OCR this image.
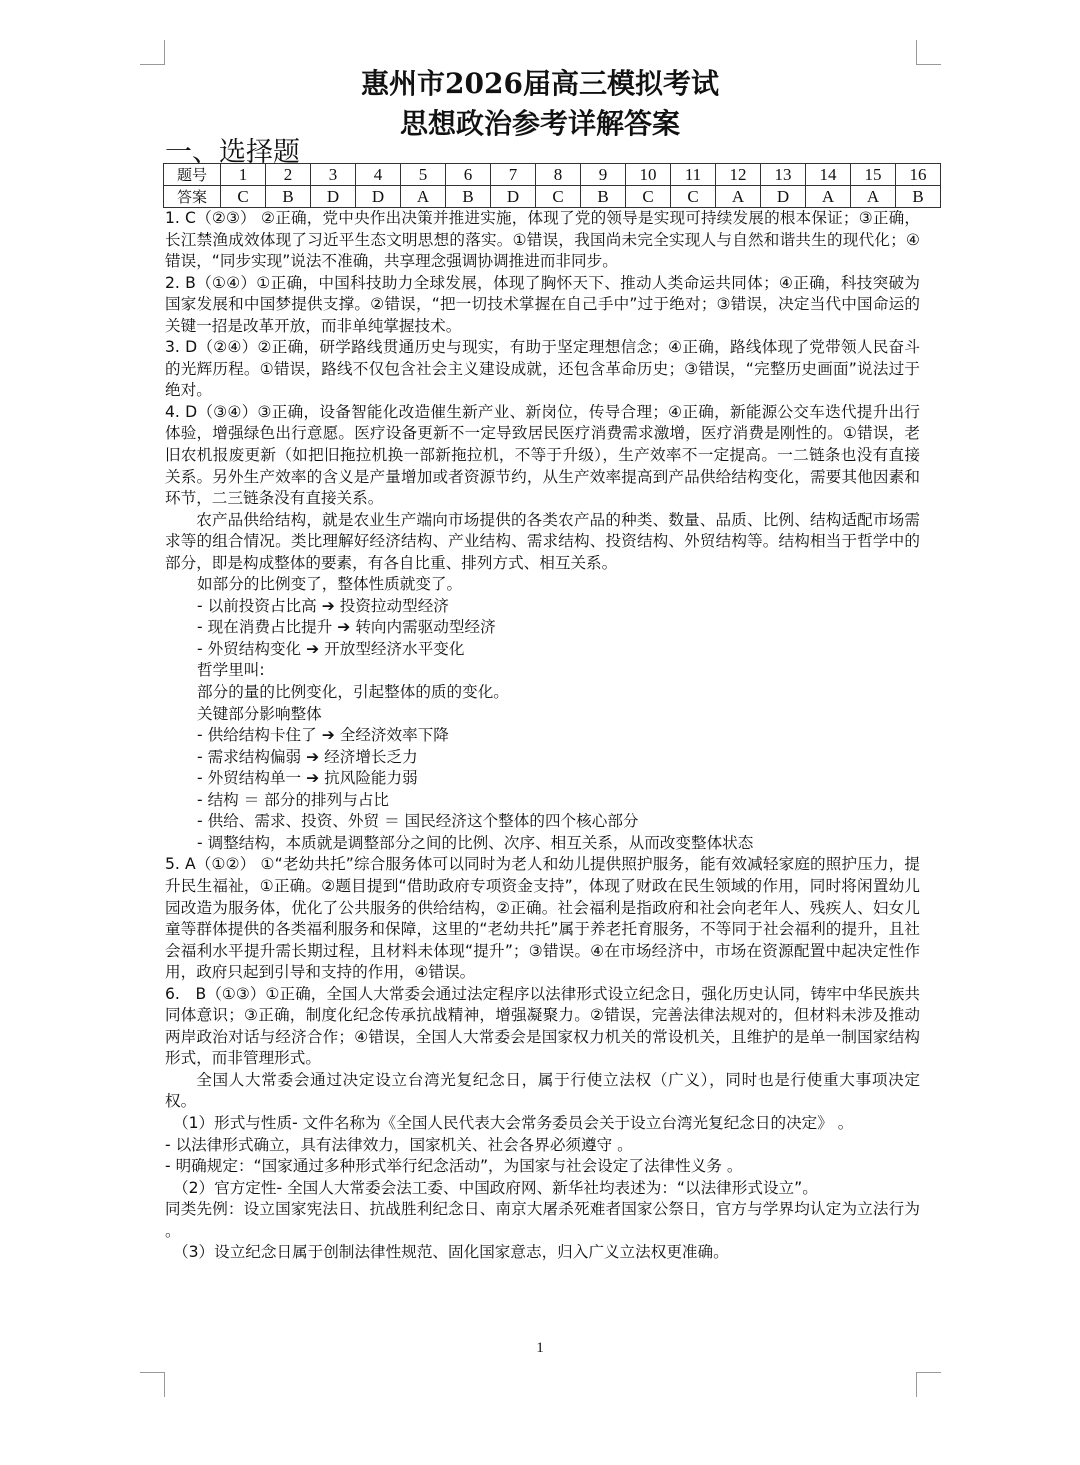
惠州市2026届高三模拟考试
思想政治参考详解答案
一、选择题
题号	1	2	3	4	5	6	7	8	9	10	11	12	13	14	15	16
答案	C	B	D	D	A	B	D	C	B	C	C	A	D	A	A	B

1. C（②③） ②正确，党中央作出决策并推进实施，体现了党的领导是实现可持续发展的根本保证；③正确，长江禁渔成效体现了习近平生态文明思想的落实。①错误，我国尚未完全实现人与自然和谐共生的现代化；④错误，“同步实现”说法不准确，共享理念强调协调推进而非同步。

2. B（①④）①正确，中国科技助力全球发展，体现了胸怀天下、推动人类命运共同体；④正确，科技突破为国家发展和中国梦提供支撑。②错误，“把一切技术掌握在自己手中”过于绝对；③错误，决定当代中国命运的关键一招是改革开放，而非单纯掌握技术。

3. D（②④）②正确，研学路线贯通历史与现实，有助于坚定理想信念；④正确，路线体现了党带领人民奋斗的光辉历程。①错误，路线不仅包含社会主义建设成就，还包含革命历史；③错误，“完整历史画面”说法过于绝对。

4. D（③④）③正确，设备智能化改造催生新产业、新岗位，传导合理；④正确，新能源公交车迭代提升出行体验，增强绿色出行意愿。医疗设备更新不一定导致居民医疗消费需求激增，医疗消费是刚性的。①错误，老旧农机报废更新（如把旧拖拉机换一部新拖拉机，不等于升级），生产效率不一定提高。一二链条也没有直接关系。另外生产效率的含义是产量增加或者资源节约，从生产效率提高到产品供给结构变化，需要其他因素和环节，二三链条没有直接关系。

农产品供给结构，就是农业生产端向市场提供的各类农产品的种类、数量、品质、比例、结构适配市场需求等的组合情况。类比理解好经济结构、产业结构、需求结构、投资结构、外贸结构等。结构相当于哲学中的部分，即是构成整体的要素，有各自比重、排列方式、相互关系。

如部分的比例变了，整体性质就变了。

- 以前投资占比高 ➔ 投资拉动型经济

- 现在消费占比提升 ➔ 转向内需驱动型经济

- 外贸结构变化 ➔ 开放型经济水平变化

哲学里叫:

部分的量的比例变化，引起整体的质的变化。

关键部分影响整体

- 供给结构卡住了 ➔ 全经济效率下降

- 需求结构偏弱 ➔ 经济增长乏力

- 外贸结构单一 ➔ 抗风险能力弱

- 结构 ＝ 部分的排列与占比

- 供给、需求、投资、外贸 ＝ 国民经济这个整体的四个核心部分

- 调整结构，本质就是调整部分之间的比例、次序、相互关系，从而改变整体状态

5. A（①②） ①“老幼共托”综合服务体可以同时为老人和幼儿提供照护服务，能有效减轻家庭的照护压力，提升民生福祉，①正确。②题目提到“借助政府专项资金支持”，体现了财政在民生领域的作用，同时将闲置幼儿园改造为服务体，优化了公共服务的供给结构，②正确。社会福利是指政府和社会向老年人、残疾人、妇女儿童等群体提供的各类福利服务和保障，这里的“老幼共托”属于养老托育服务，不等同于社会福利的提升，且社会福利水平提升需长期过程，且材料未体现“提升”；③错误。④在市场经济中，市场在资源配置中起决定性作用，政府只起到引导和支持的作用，④错误。

6.　B（①③）①正确，全国人大常委会通过法定程序以法律形式设立纪念日，强化历史认同，铸牢中华民族共同体意识；③正确，制度化纪念传承抗战精神，增强凝聚力。②错误，完善法律法规对的，但材料未涉及推动两岸政治对话与经济合作；④错误，全国人大常委会是国家权力机关的常设机关，且维护的是单一制国家结构形式，而非管理形式。

全国人大常委会通过决定设立台湾光复纪念日，属于行使立法权（广义），同时也是行使重大事项决定权。

（1）形式与性质- 文件名称为《全国人民代表大会常务委员会关于设立台湾光复纪念日的决定》 。

- 以法律形式确立，具有法律效力，国家机关、社会各界必须遵守 。

- 明确规定：“国家通过多种形式举行纪念活动”，为国家与社会设定了法律性义务 。

（2）官方定性- 全国人大常委会法工委、中国政府网、新华社均表述为：“以法律形式设立”。

同类先例：设立国家宪法日、抗战胜利纪念日、南京大屠杀死难者国家公祭日，官方与学界均认定为立法行为 。

（3）设立纪念日属于创制法律性规范、固化国家意志，归入广义立法权更准确。

1
